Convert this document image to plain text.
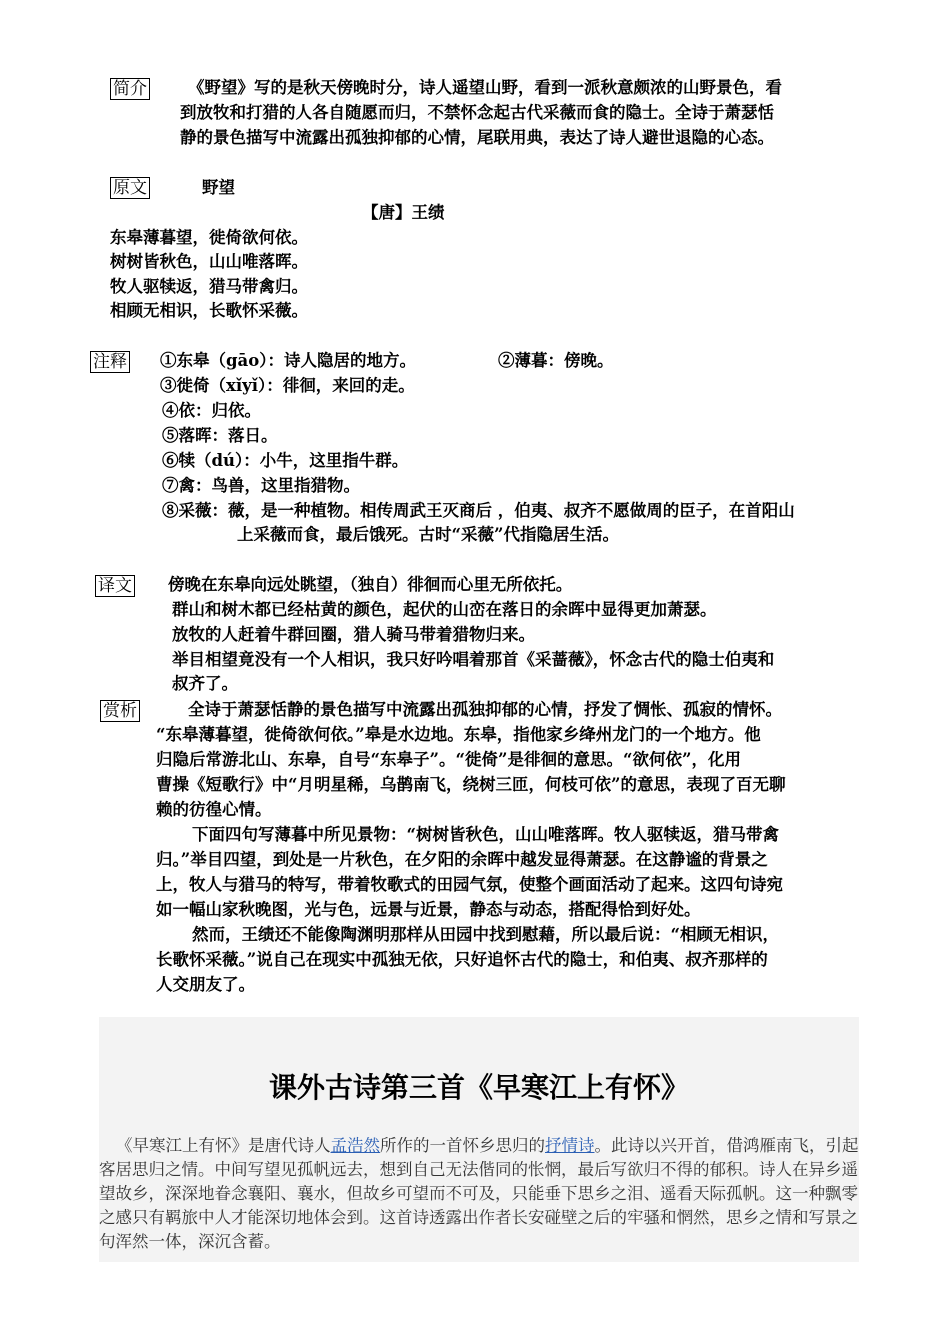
简介 《野望》写的是秋天傍晚时分，诗人遥望山野，看到一派秋意颇浓的山野景色，看
到放牧和打猎的人各自随愿而归，不禁怀念起古代采薇而食的隐士。全诗于萧瑟恬
静的景色描写中流露出孤独抑郁的心情，尾联用典，表达了诗人避世退隐的心态。
原文	野望
【唐】王绩
东皋薄暮望，徙倚欲何依。
树树皆秋色，山山唯落晖。
牧人驱犊返，猎马带禽归。
相顾无相识，长歌怀采薇。
注释 ①东皋（gāo）：诗人隐居的地方。	②薄暮：傍晚。
③徙倚（xǐyǐ）：徘徊，来回的走。
④依：归依。
⑤落晖：落日。
⑥犊（dú）：小牛，这里指牛群。
⑦禽：鸟兽，这里指猎物。
⑧采薇：薇，是一种植物。相传周武王灭商后 ，伯夷、叔齐不愿做周的臣子，在首阳山
上采薇而食，最后饿死。古时“采薇”代指隐居生活。
译文 傍晚在东皋向远处眺望，（独自）徘徊而心里无所依托。
群山和树木都已经枯黄的颜色，起伏的山峦在落日的余晖中显得更加萧瑟。
放牧的人赶着牛群回圈，猎人骑马带着猎物归来。
举目相望竟没有一个人相识，我只好吟唱着那首《采蔷薇》，怀念古代的隐士伯夷和
叔齐了。
赏析	全诗于萧瑟恬静的景色描写中流露出孤独抑郁的心情，抒发了惆怅、孤寂的情怀。
“东皋薄暮望，徙倚欲何依。”皋是水边地。东皋，指他家乡绛州龙门的一个地方。他
归隐后常游北山、东皋，自号“东皋子”。“徙倚”是徘徊的意思。“欲何依”，化用
曹操《短歌行》中“月明星稀，乌鹊南飞，绕树三匝，何枝可依”的意思，表现了百无聊
赖的彷徨心情。
下面四句写薄暮中所见景物：“树树皆秋色，山山唯落晖。牧人驱犊返，猎马带禽
归。”举目四望，到处是一片秋色，在夕阳的余晖中越发显得萧瑟。在这静谧的背景之
上，牧人与猎马的特写，带着牧歌式的田园气氛，使整个画面活动了起来。这四句诗宛
如一幅山家秋晚图，光与色，远景与近景，静态与动态，搭配得恰到好处。
然而，王绩还不能像陶渊明那样从田园中找到慰藉，所以最后说：“相顾无相识，
长歌怀采薇。”说自己在现实中孤独无依，只好追怀古代的隐士，和伯夷、叔齐那样的
人交朋友了。
课外古诗第三首《早寒江上有怀》
《早寒江上有怀》是唐代诗人孟浩然所作的一首怀乡思归的抒情诗。此诗以兴开首，借鸿雁南飞，引起客居思归之情。中间写望见孤帆远去，想到自己无法偕同的怅惘，最后写欲归不得的郁积。诗人在异乡遥望故乡，深深地眷念襄阳、襄水，但故乡可望而不可及，只能垂下思乡之泪、遥看天际孤帆。这一种飘零之感只有羁旅中人才能深切地体会到。这首诗透露出作者长安碰壁之后的牢骚和惘然，思乡之情和写景之句浑然一体，深沉含蓄。
